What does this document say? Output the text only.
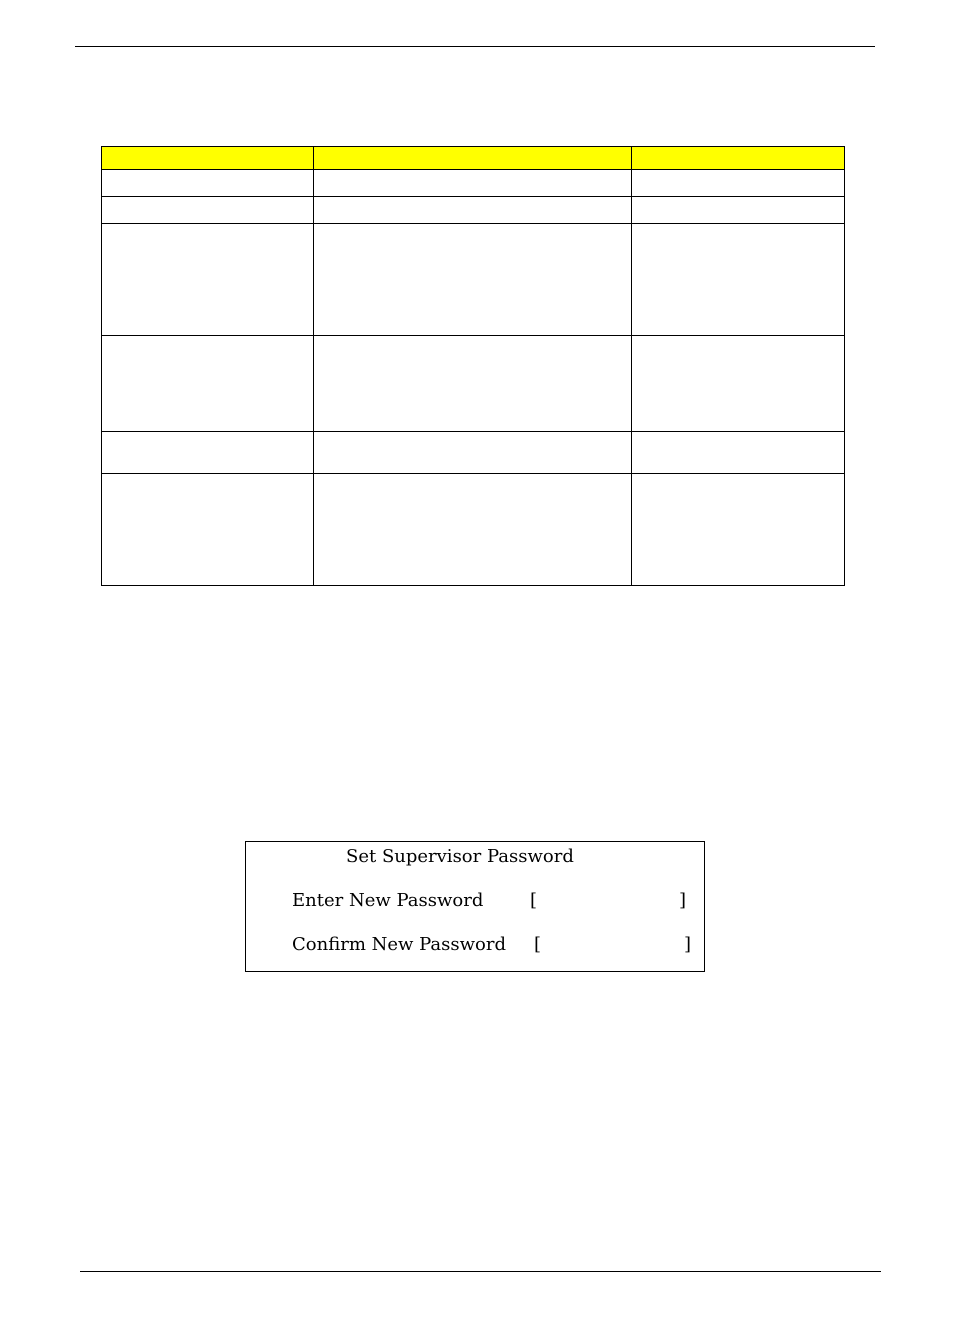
Set Supervisor Password
Enter New Password	[	]
Confirm New Password [	]
